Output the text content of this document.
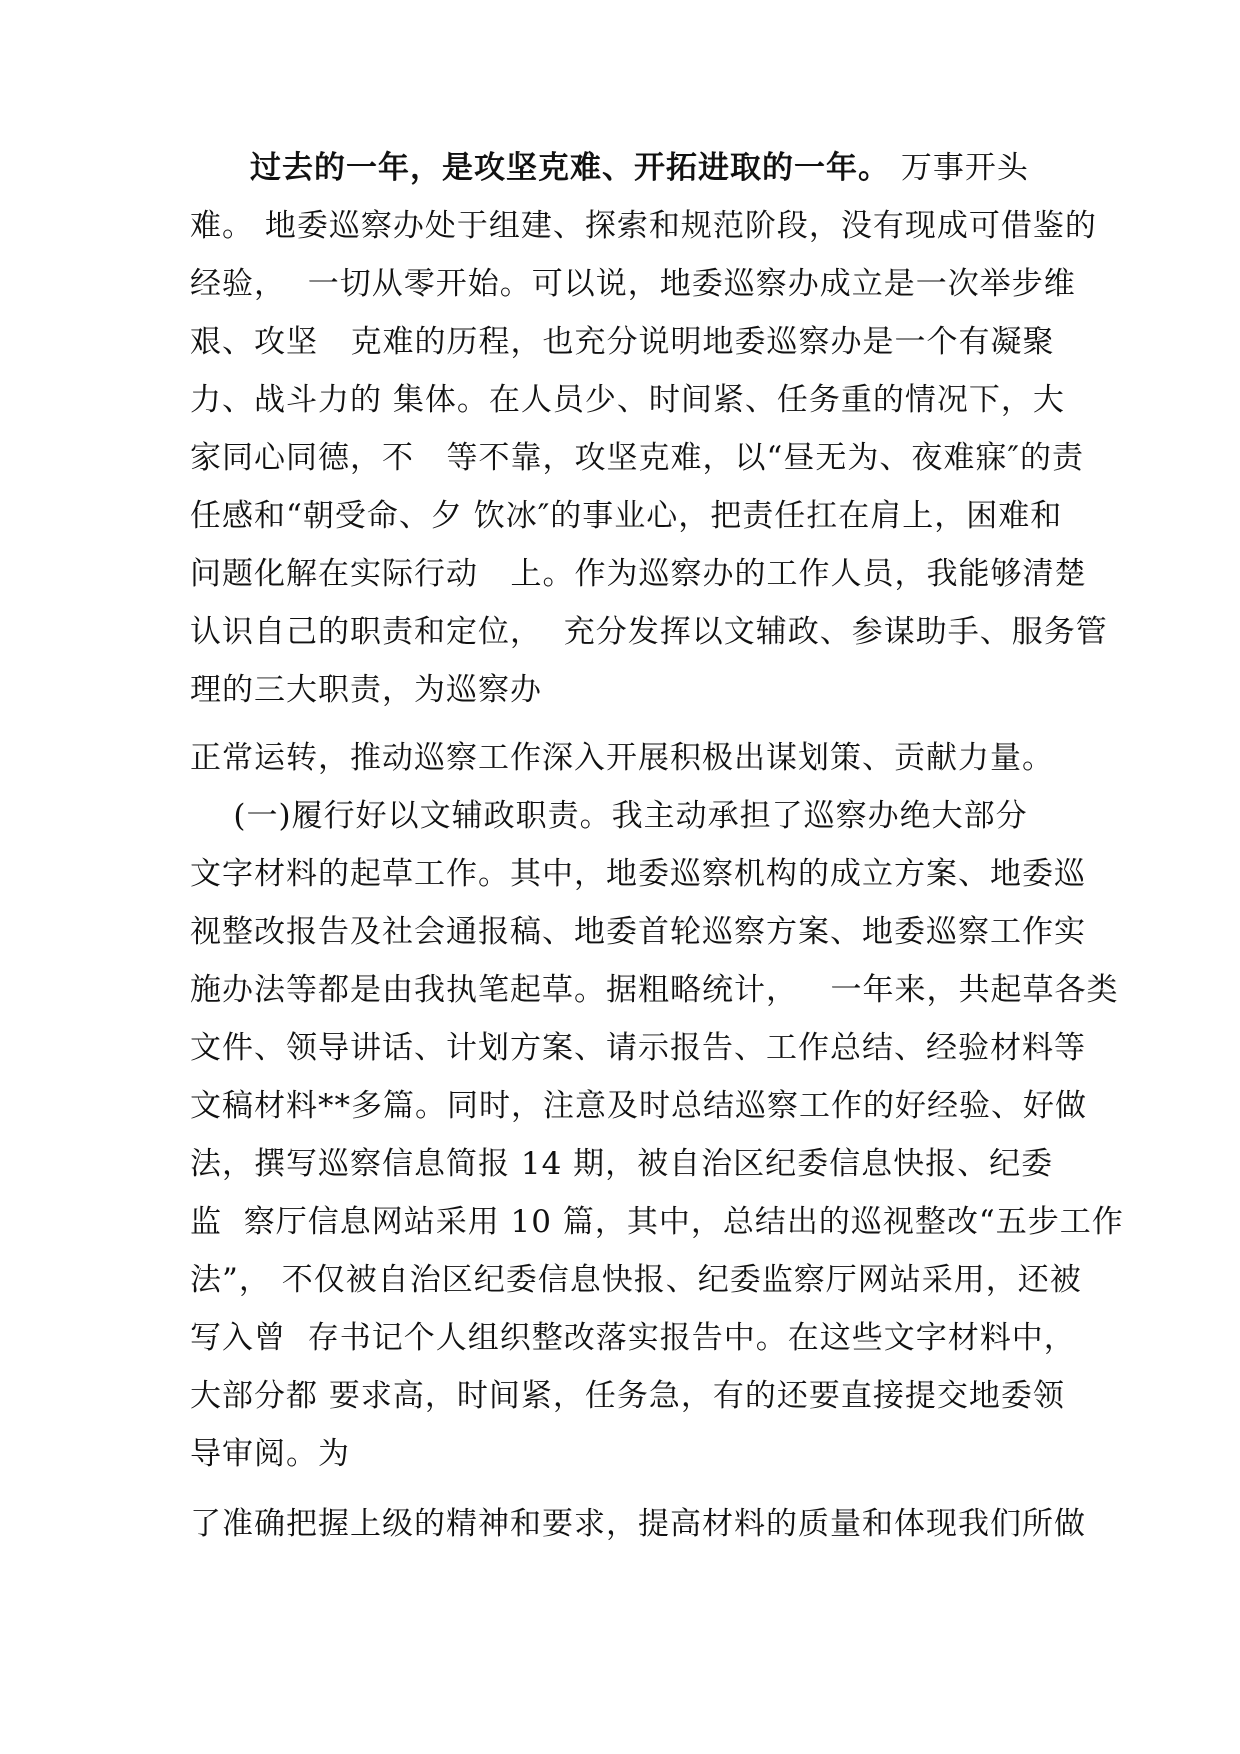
过去的一年，是攻坚克难、开拓进取的一年。 万事开头
难。 地委巡察办处于组建、探索和规范阶段，没有现成可借鉴的
经验，  一切从零开始。可以说，地委巡察办成立是一次举步维
艰、攻坚   克难的历程，也充分说明地委巡察办是一个有凝聚
力、战斗力的 集体。在人员少、时间紧、任务重的情况下，大
家同心同德，不   等不靠，攻坚克难，以“昼无为、夜难寐″的责
任感和“朝受命、夕 饮冰″的事业心，把责任扛在肩上，困难和
问题化解在实际行动   上。作为巡察办的工作人员，我能够清楚
认识自己的职责和定位，  充分发挥以文辅政、参谋助手、服务管
理的三大职责，为巡察办
正常运转，推动巡察工作深入开展积极出谋划策、贡献力量。
(一)履行好以文辅政职责。我主动承担了巡察办绝大部分
文字材料的起草工作。其中，地委巡察机构的成立方案、地委巡
视整改报告及社会通报稿、地委首轮巡察方案、地委巡察工作实
施办法等都是由我执笔起草。据粗略统计，   一年来，共起草各类
文件、领导讲话、计划方案、请示报告、工作总结、经验材料等
文稿材料**多篇。同时，注意及时总结巡察工作的好经验、好做
法，撰写巡察信息简报 14 期，被自治区纪委信息快报、纪委
监  察厅信息网站采用 10 篇，其中，总结出的巡视整改“五步工作
法”， 不仅被自治区纪委信息快报、纪委监察厅网站采用，还被
写入曾  存书记个人组织整改落实报告中。在这些文字材料中，
大部分都 要求高，时间紧，任务急，有的还要直接提交地委领
导审阅。为
了准确把握上级的精神和要求，提高材料的质量和体现我们所做
